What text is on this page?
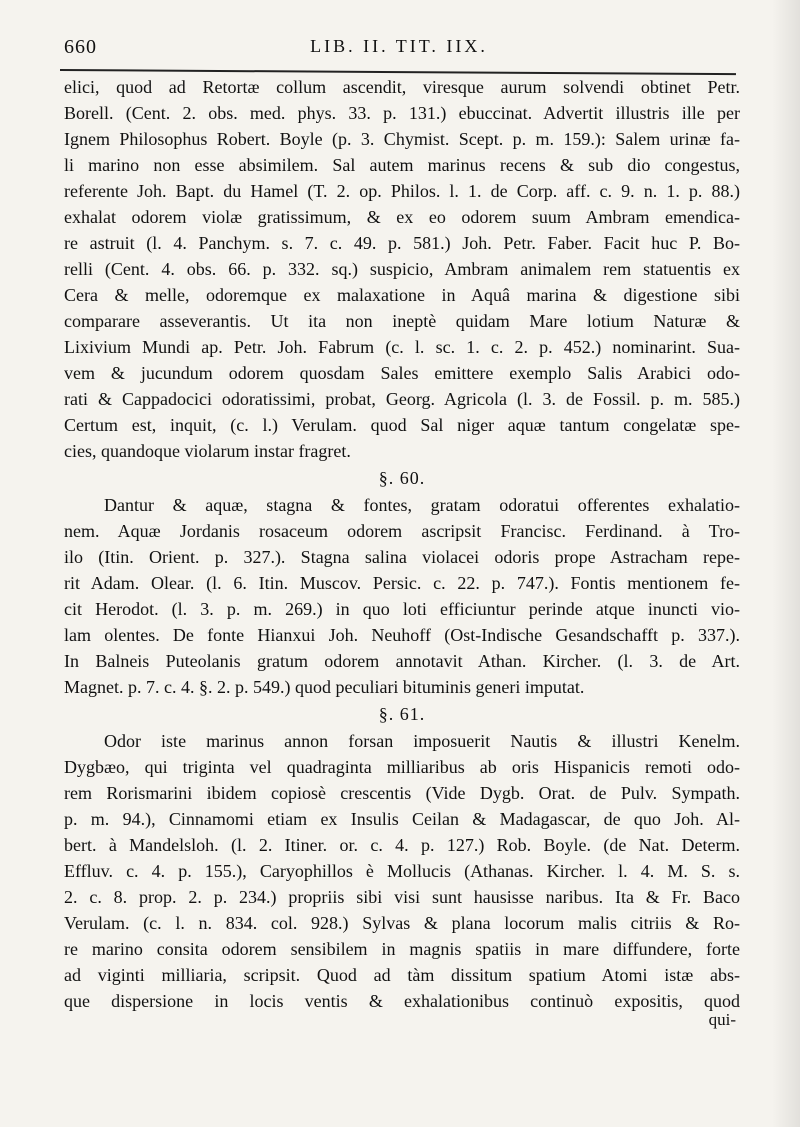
660	LIB. II. TIT. IIX.
elici, quod ad Retortæ collum ascendit, viresque aurum solvendi obtinet Petr.
Borell. (Cent. 2. obs. med. phys. 33. p. 131.) ebuccinat. Advertit illustris ille per
Ignem Philosophus Robert. Boyle (p. 3. Chymist. Scept. p. m. 159.): Salem urinæ fa-
li marino non esse absimilem. Sal autem marinus recens & sub dio congestus,
referente Joh. Bapt. du Hamel (T. 2. op. Philos. l. 1. de Corp. aff. c. 9. n. 1. p. 88.)
exhalat odorem violæ gratissimum, & ex eo odorem suum Ambram emendica-
re astruit (l. 4. Panchym. s. 7. c. 49. p. 581.) Joh. Petr. Faber. Facit huc P. Bo-
relli (Cent. 4. obs. 66. p. 332. sq.) suspicio, Ambram animalem rem statuentis ex
Cera & melle, odoremque ex malaxatione in Aquâ marina & digestione sibi
comparare asseverantis. Ut ita non ineptè quidam Mare lotium Naturæ &
Lixivium Mundi ap. Petr. Joh. Fabrum (c. l. sc. 1. c. 2. p. 452.) nominarint. Sua-
vem & jucundum odorem quosdam Sales emittere exemplo Salis Arabici odo-
rati & Cappadocici odoratissimi, probat, Georg. Agricola (l. 3. de Fossil. p. m. 585.)
Certum est, inquit, (c. l.) Verulam. quod Sal niger aquæ tantum congelatæ spe-
cies, quandoque violarum instar fragret.
§. 60.
Dantur & aquæ, stagna & fontes, gratam odoratui offerentes exhalatio-
nem. Aquæ Jordanis rosaceum odorem ascripsit Francisc. Ferdinand. à Tro-
ilo (Itin. Orient. p. 327.). Stagna salina violacei odoris prope Astracham repe-
rit Adam. Olear. (l. 6. Itin. Muscov. Persic. c. 22. p. 747.). Fontis mentionem fe-
cit Herodot. (l. 3. p. m. 269.) in quo loti efficiuntur perinde atque inuncti vio-
lam olentes. De fonte Hianxui Joh. Neuhoff (Ost-Indische Gesandschafft p. 337.).
In Balneis Puteolanis gratum odorem annotavit Athan. Kircher. (l. 3. de Art.
Magnet. p. 7. c. 4. §. 2. p. 549.) quod peculiari bituminis generi imputat.
§. 61.
Odor iste marinus annon forsan imposuerit Nautis & illustri Kenelm.
Dygbæo, qui triginta vel quadraginta milliaribus ab oris Hispanicis remoti odo-
rem Rorismarini ibidem copiosè crescentis (Vide Dygb. Orat. de Pulv. Sympath.
p. m. 94.), Cinnamomi etiam ex Insulis Ceilan & Madagascar, de quo Joh. Al-
bert. à Mandelsloh. (l. 2. Itiner. or. c. 4. p. 127.) Rob. Boyle. (de Nat. Determ.
Effluv. c. 4. p. 155.), Caryophillos è Mollucis (Athanas. Kircher. l. 4. M. S. s.
2. c. 8. prop. 2. p. 234.) propriis sibi visi sunt hausisse naribus. Ita & Fr. Baco
Verulam. (c. l. n. 834. col. 928.) Sylvas & plana locorum malis citriis & Ro-
re marino consita odorem sensibilem in magnis spatiis in mare diffundere, forte
ad viginti milliaria, scripsit. Quod ad tàm dissitum spatium Atomi istæ abs-
que dispersione in locis ventis & exhalationibus continuò expositis, quod
qui-
